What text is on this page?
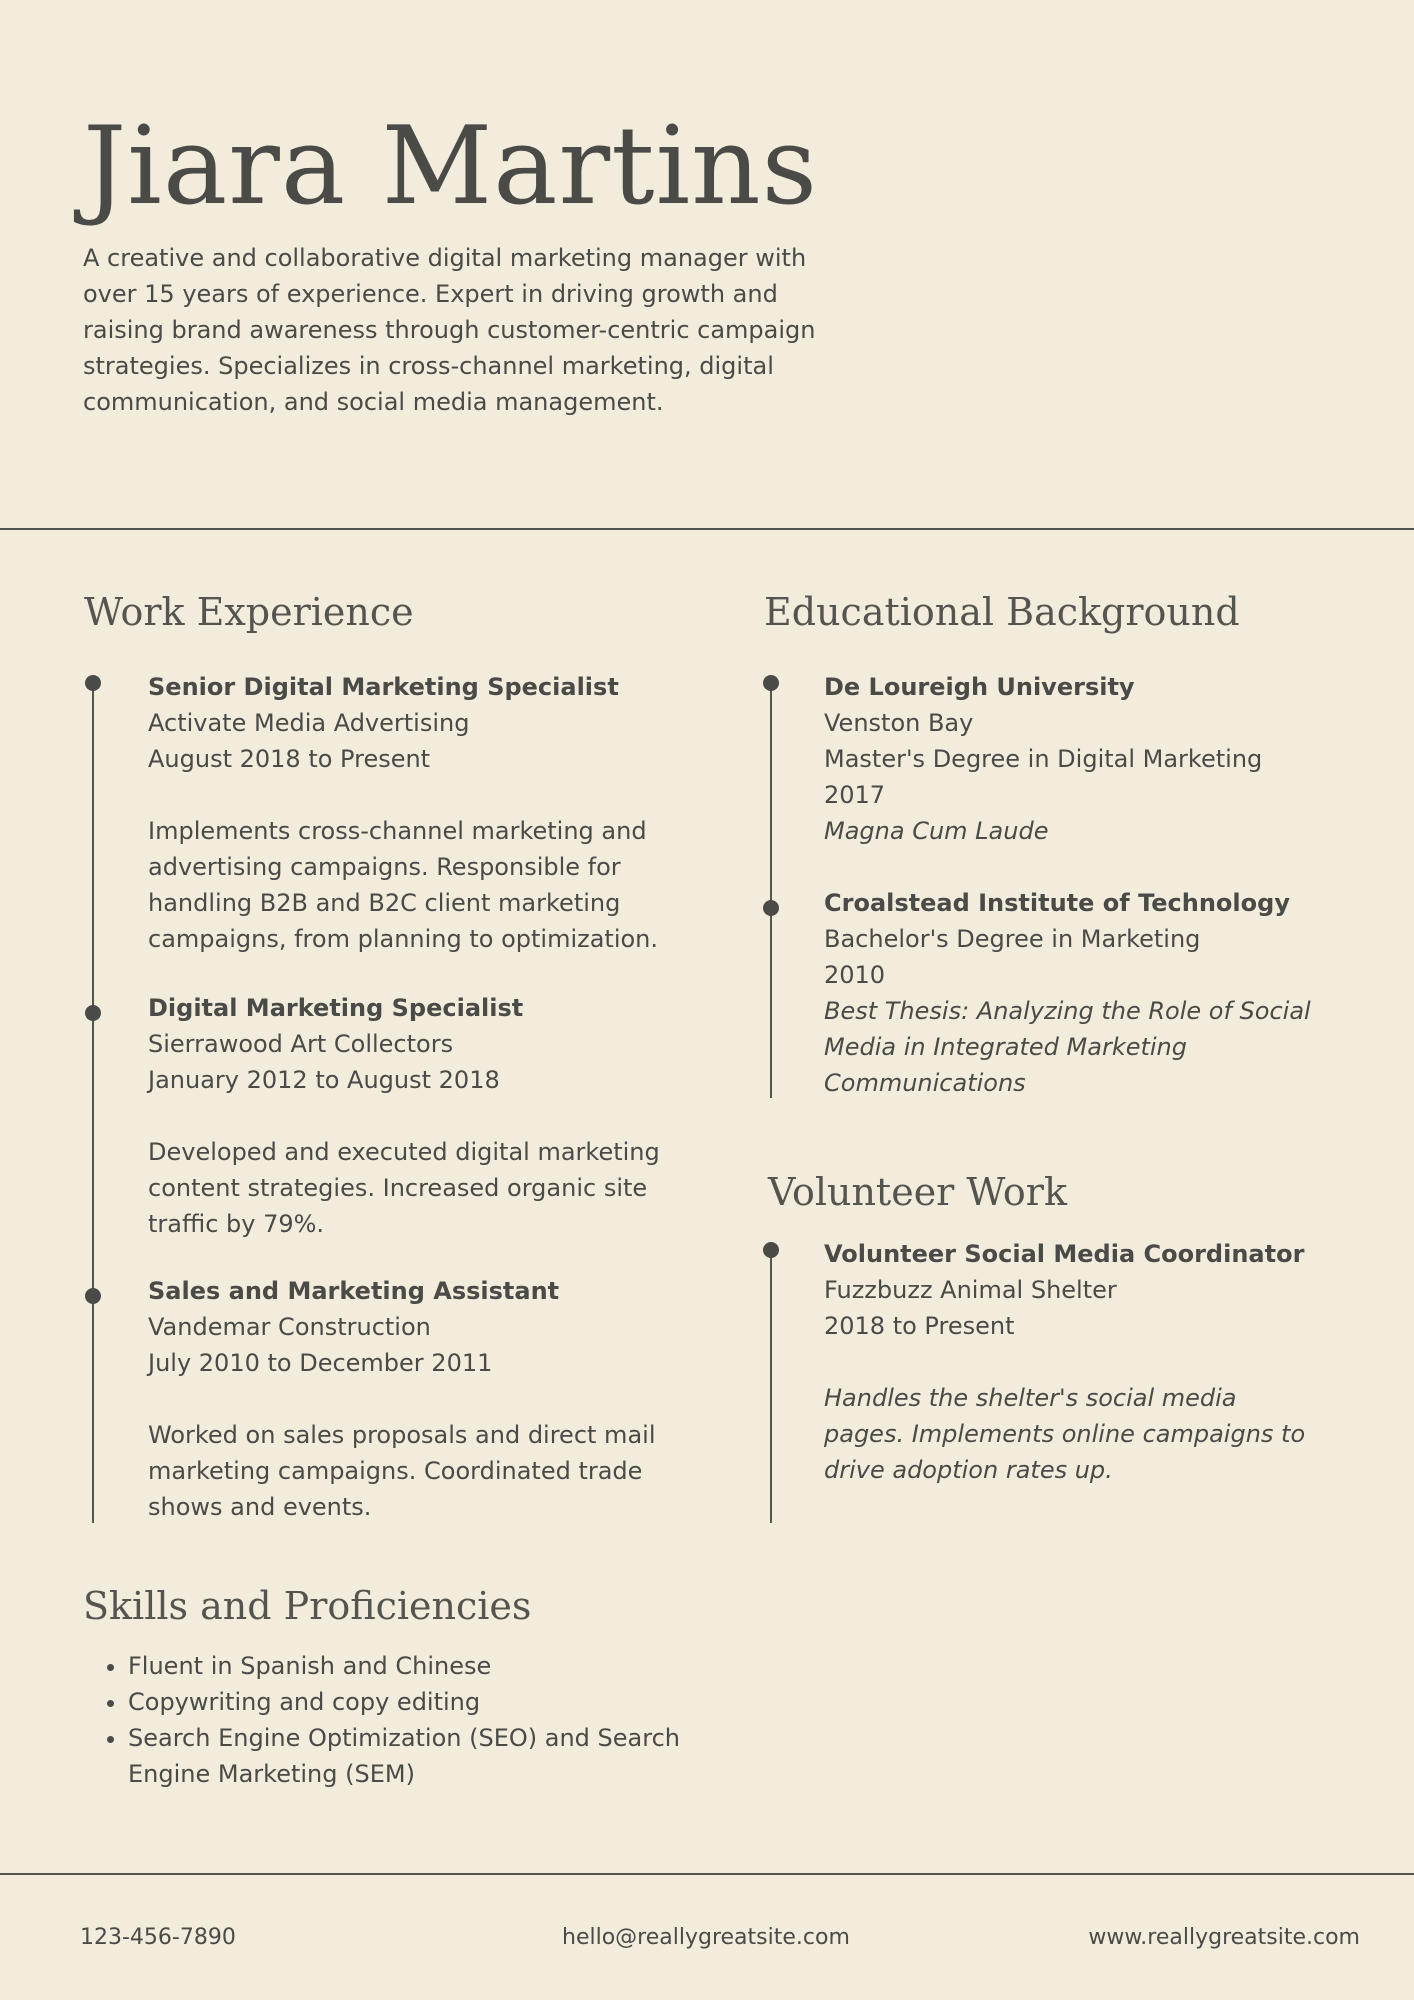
Jiara Martins

A creative and collaborative digital marketing manager with over 15 years of experience. Expert in driving growth and raising brand awareness through customer-centric campaign strategies. Specializes in cross-channel marketing, digital communication, and social media management.

Work Experience

Senior Digital Marketing Specialist

Activate Media Advertising

August 2018 to Present

Implements cross-channel marketing and advertising campaigns. Responsible for handling B2B and B2C client marketing campaigns, from planning to optimization.

Digital Marketing Specialist

Sierrawood Art Collectors

January 2012 to August 2018

Developed and executed digital marketing content strategies. Increased organic site traffic by 79%.

Sales and Marketing Assistant

Vandemar Construction

July 2010 to December 2011

Worked on sales proposals and direct mail marketing campaigns. Coordinated trade shows and events.

Educational Background

De Loureigh University

Venston Bay

Master's Degree in Digital Marketing

2017

Magna Cum Laude

Croalstead Institute of Technology

Bachelor's Degree in Marketing

2010

Best Thesis: Analyzing the Role of Social Media in Integrated Marketing Communications

Volunteer Work

Volunteer Social Media Coordinator

Fuzzbuzz Animal Shelter

2018 to Present

Handles the shelter's social media pages. Implements online campaigns to drive adoption rates up.

Skills and Proficiencies
• Fluent in Spanish and Chinese
• Copywriting and copy editing
• Search Engine Optimization (SEO) and Search Engine Marketing (SEM)
123-456-7890	hello@reallygreatsite.com	www.reallygreatsite.com
